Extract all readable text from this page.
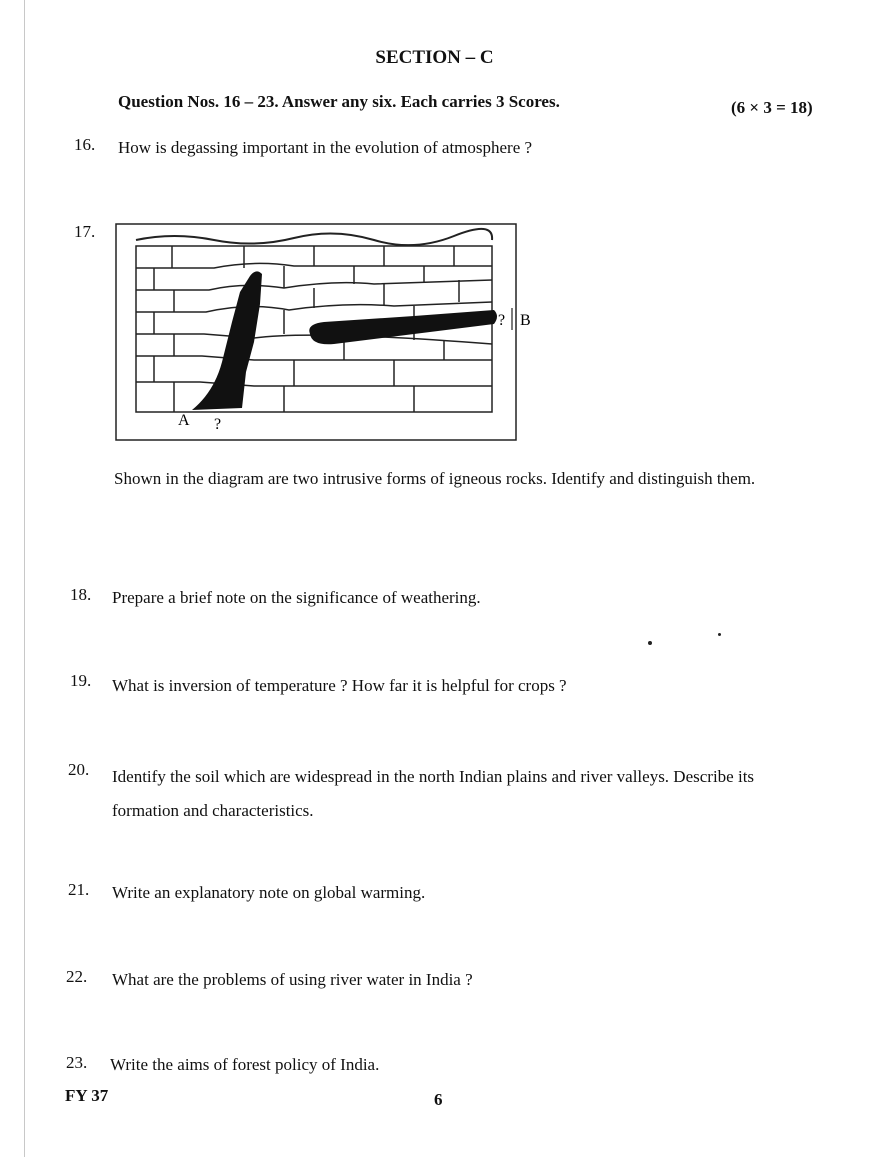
SECTION – C
Question Nos. 16 – 23. Answer any six. Each carries 3 Scores.	(6 × 3 = 18)
16. How is degassing important in the evolution of atmosphere ?
17.
A ?
? B
Shown in the diagram are two intrusive forms of igneous rocks. Identify and distinguish them.
18. Prepare a brief note on the significance of weathering.
19. What is inversion of temperature ? How far it is helpful for crops ?
20. Identify the soil which are widespread in the north Indian plains and river valleys. Describe its formation and characteristics.
21. Write an explanatory note on global warming.
22. What are the problems of using river water in India ?
23. Write the aims of forest policy of India.
FY 37	6
